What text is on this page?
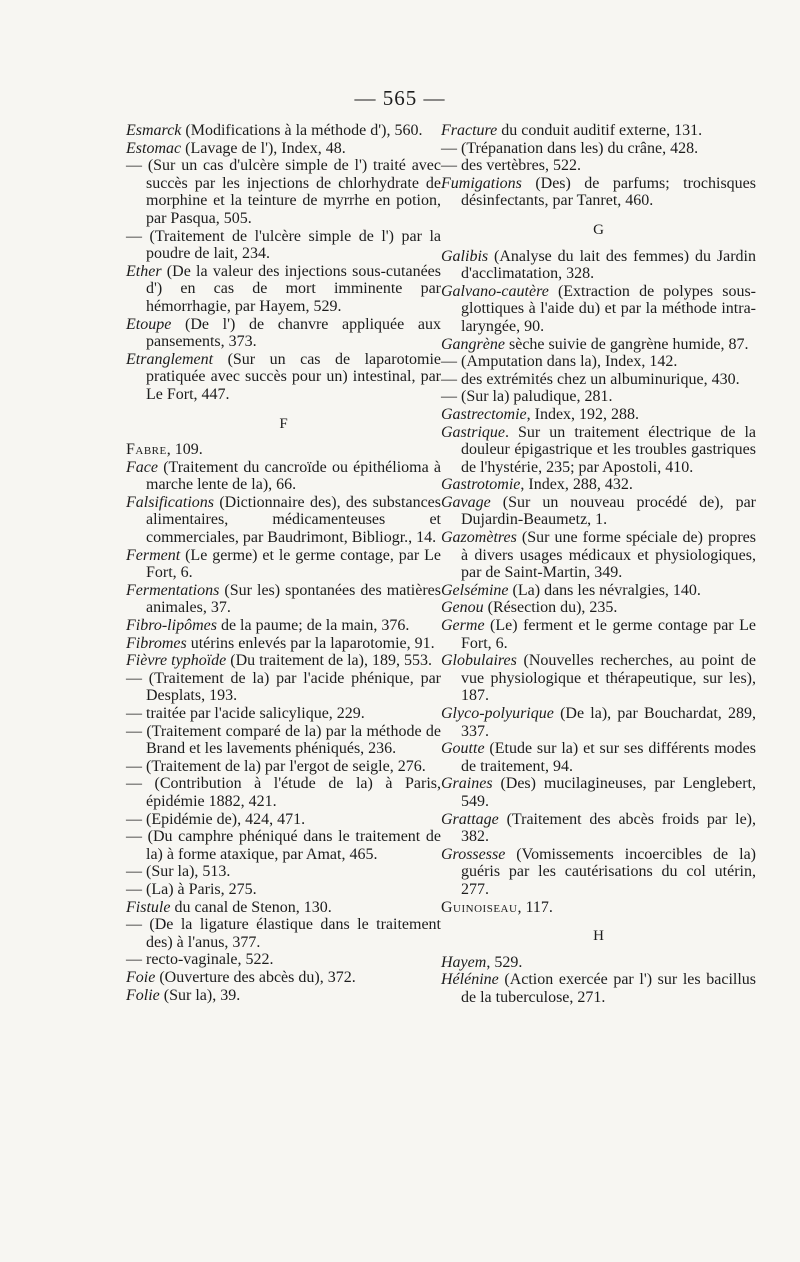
— 565 —

Esmarck (Modifications à la méthode d'), 560.

Estomac (Lavage de l'), Index, 48.

— (Sur un cas d'ulcère simple de l') traité avec succès par les injections de chlorhydrate de morphine et la teinture de myrrhe en potion, par Pasqua, 505.

— (Traitement de l'ulcère simple de l') par la poudre de lait, 234.

Ether (De la valeur des injections sous-cutanées d') en cas de mort imminente par hémorrhagie, par Hayem, 529.

Etoupe (De l') de chanvre appliquée aux pansements, 373.

Etranglement (Sur un cas de laparotomie pratiquée avec succès pour un) intestinal, par Le Fort, 447.

F

Fabre, 109.

Face (Traitement du cancroïde ou épithélioma à marche lente de la), 66.

Falsifications (Dictionnaire des), des substances alimentaires, médicamenteuses et commerciales, par Baudrimont, Bibliogr., 14.

Ferment (Le germe) et le germe contage, par Le Fort, 6.

Fermentations (Sur les) spontanées des matières animales, 37.

Fibro-lipômes de la paume; de la main, 376.

Fibromes utérins enlevés par la laparotomie, 91.

Fièvre typhoïde (Du traitement de la), 189, 553.

— (Traitement de la) par l'acide phénique, par Desplats, 193.

— traitée par l'acide salicylique, 229.

— (Traitement comparé de la) par la méthode de Brand et les lavements phéniqués, 236.

— (Traitement de la) par l'ergot de seigle, 276.

— (Contribution à l'étude de la) à Paris, épidémie 1882, 421.

— (Epidémie de), 424, 471.

— (Du camphre phéniqué dans le traitement de la) à forme ataxique, par Amat, 465.

— (Sur la), 513.

— (La) à Paris, 275.

Fistule du canal de Stenon, 130.

— (De la ligature élastique dans le traitement des) à l'anus, 377.

— recto-vaginale, 522.

Foie (Ouverture des abcès du), 372.

Folie (Sur la), 39.

Fracture du conduit auditif externe, 131.

— (Trépanation dans les) du crâne, 428.

— des vertèbres, 522.

Fumigations (Des) de parfums; trochisques désinfectants, par Tanret, 460.

G

Galibis (Analyse du lait des femmes) du Jardin d'acclimatation, 328.

Galvano-cautère (Extraction de polypes sous-glottiques à l'aide du) et par la méthode intra-laryngée, 90.

Gangrène sèche suivie de gangrène humide, 87.

— (Amputation dans la), Index, 142.

— des extrémités chez un albuminurique, 430.

— (Sur la) paludique, 281.

Gastrectomie, Index, 192, 288.

Gastrique. Sur un traitement électrique de la douleur épigastrique et les troubles gastriques de l'hystérie, 235; par Apostoli, 410.

Gastrotomie, Index, 288, 432.

Gavage (Sur un nouveau procédé de), par Dujardin-Beaumetz, 1.

Gazomètres (Sur une forme spéciale de) propres à divers usages médicaux et physiologiques, par de Saint-Martin, 349.

Gelsémine (La) dans les névralgies, 140.

Genou (Résection du), 235.

Germe (Le) ferment et le germe contage par Le Fort, 6.

Globulaires (Nouvelles recherches, au point de vue physiologique et thérapeutique, sur les), 187.

Glyco-polyurique (De la), par Bouchardat, 289, 337.

Goutte (Etude sur la) et sur ses différents modes de traitement, 94.

Graines (Des) mucilagineuses, par Lenglebert, 549.

Grattage (Traitement des abcès froids par le), 382.

Grossesse (Vomissements incoercibles de la) guéris par les cautérisations du col utérin, 277.

Guinoiseau, 117.

H

Hayem, 529.

Hélénine (Action exercée par l') sur les bacillus de la tuberculose, 271.
